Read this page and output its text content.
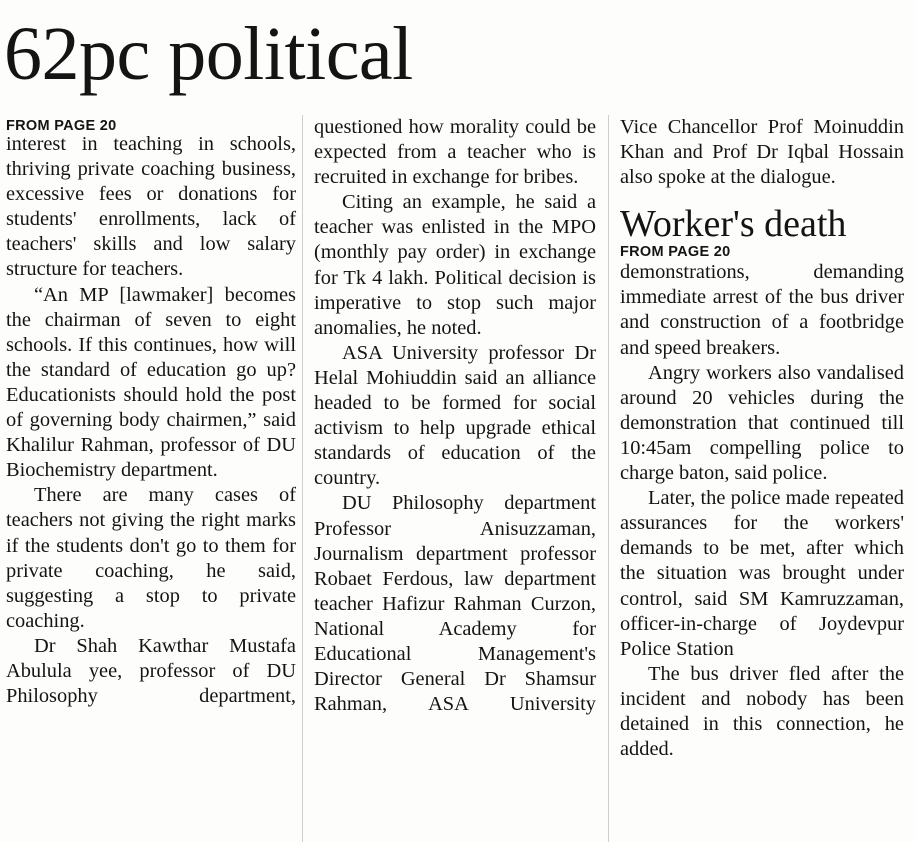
62pc political
FROM PAGE 20

interest in teaching in schools, thriving private coaching business, excessive fees or donations for students' enrollments, lack of teachers' skills and low salary structure for teachers.

“An MP [lawmaker] becomes the chairman of seven to eight schools. If this continues, how will the standard of education go up? Educationists should hold the post of governing body chairmen,” said Khalilur Rahman, professor of DU Biochemistry department.

There are many cases of teachers not giving the right marks if the students don't go to them for private coaching, he said, suggesting a stop to private coaching.

Dr Shah Kawthar Mustafa Abulula yee, professor of DU Philosophy department,

questioned how morality could be expected from a teacher who is recruited in exchange for bribes.

Citing an example, he said a teacher was enlisted in the MPO (monthly pay order) in exchange for Tk 4 lakh. Political decision is imperative to stop such major anomalies, he noted.

ASA University professor Dr Helal Mohiuddin said an alliance headed to be formed for social activism to help upgrade ethical standards of education of the country.

DU Philosophy department Professor Anisuzzaman, Journalism department professor Robaet Ferdous, law department teacher Hafizur Rahman Curzon, National Academy for Educational Management's Director General Dr Shamsur Rahman, ASA University

Vice Chancellor Prof Moinuddin Khan and Prof Dr Iqbal Hossain also spoke at the dialogue.

Worker's death
FROM PAGE 20

demonstrations, demanding immediate arrest of the bus driver and construction of a footbridge and speed breakers.

Angry workers also vandalised around 20 vehicles during the demonstration that continued till 10:45am compelling police to charge baton, said police.

Later, the police made repeated assurances for the workers' demands to be met, after which the situation was brought under control, said SM Kamruzzaman, officer-in-charge of Joydevpur Police Station

The bus driver fled after the incident and nobody has been detained in this connection, he added.
